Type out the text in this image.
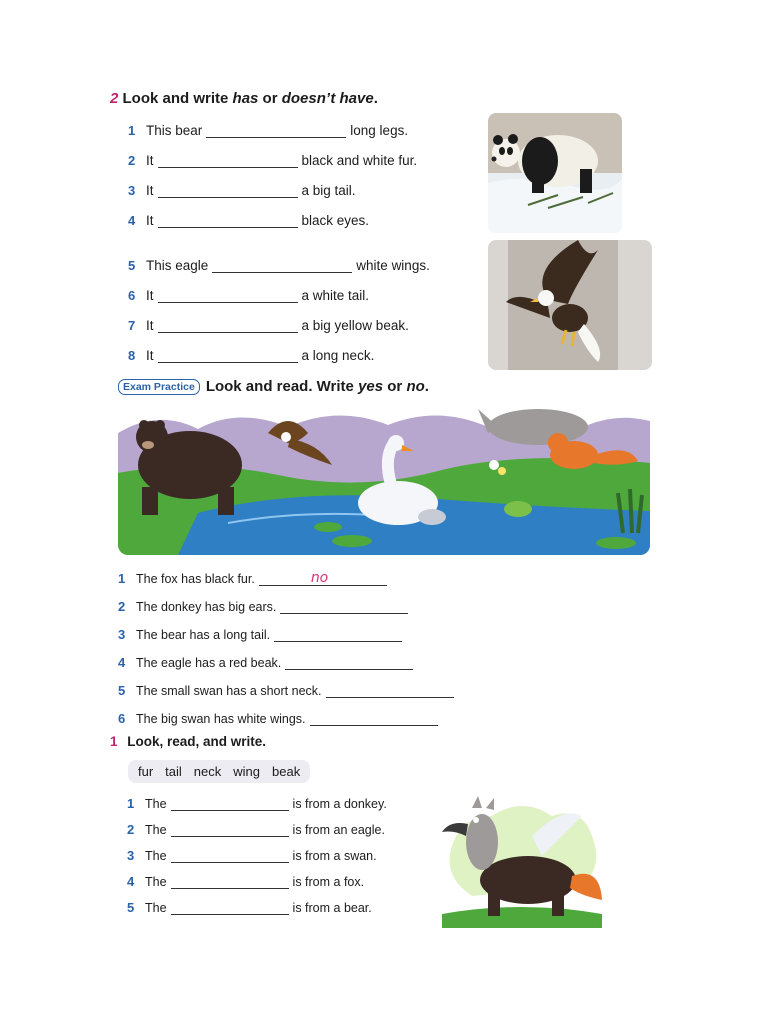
2 Look and write has or doesn’t have.
1 This bear	long legs.
2 It	black and white fur.
3 It	a big tail.
4 It	black eyes.
5 This eagle	white wings.
6 It	a white tail.
7 It	a big yellow beak.
8 It	a long neck.
Exam Practice Look and read. Write yes or no.
1 The fox has black fur.	no
2 The donkey has big ears.
3 The bear has a long tail.
4 The eagle has a red beak.
5 The small swan has a short neck.
6 The big swan has white wings.
1 Look, read, and write.
fur tail neck wing beak
1 The	is from a donkey.
2 The	is from an eagle.
3 The	is from a swan.
4 The	is from a fox.
5 The	is from a bear.
